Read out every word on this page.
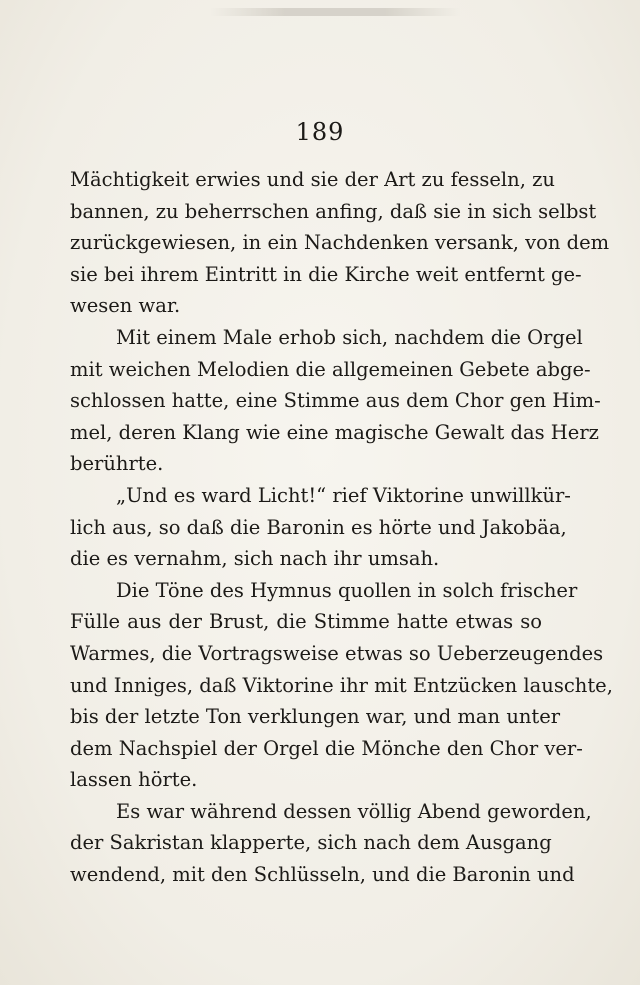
189
Mächtigkeit erwies und sie der Art zu fesseln, zu
bannen, zu beherrschen anfing, daß sie in sich selbst
zurückgewiesen, in ein Nachdenken versank, von dem
sie bei ihrem Eintritt in die Kirche weit entfernt ge-
wesen war.
Mit einem Male erhob sich, nachdem die Orgel
mit weichen Melodien die allgemeinen Gebete abge-
schlossen hatte, eine Stimme aus dem Chor gen Him-
mel, deren Klang wie eine magische Gewalt das Herz
berührte.
„Und es ward Licht!“ rief Viktorine unwillkür-
lich aus, so daß die Baronin es hörte und Jakobäa,
die es vernahm, sich nach ihr umsah.
Die Töne des Hymnus quollen in solch frischer
Fülle aus der Brust, die Stimme hatte etwas so
Warmes, die Vortragsweise etwas so Ueberzeugendes
und Inniges, daß Viktorine ihr mit Entzücken lauschte,
bis der letzte Ton verklungen war, und man unter
dem Nachspiel der Orgel die Mönche den Chor ver-
lassen hörte.
Es war während dessen völlig Abend geworden,
der Sakristan klapperte, sich nach dem Ausgang
wendend, mit den Schlüsseln, und die Baronin und
